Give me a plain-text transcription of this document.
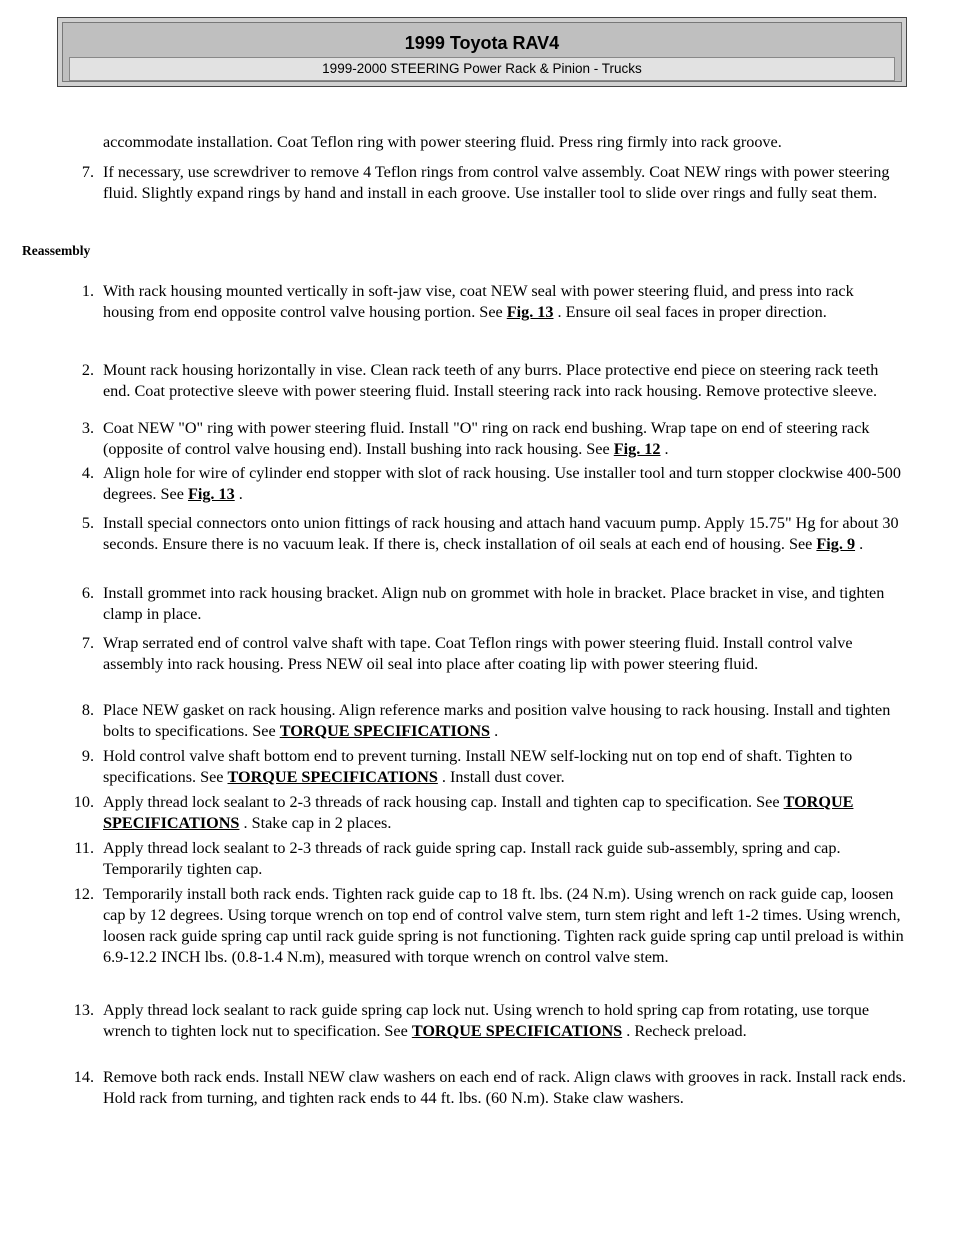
1999 Toyota RAV4
1999-2000 STEERING Power Rack & Pinion - Trucks
accommodate installation. Coat Teflon ring with power steering fluid. Press ring firmly into rack groove.
7. If necessary, use screwdriver to remove 4 Teflon rings from control valve assembly. Coat NEW rings with power steering fluid. Slightly expand rings by hand and install in each groove. Use installer tool to slide over rings and fully seat them.
Reassembly
1. With rack housing mounted vertically in soft-jaw vise, coat NEW seal with power steering fluid, and press into rack housing from end opposite control valve housing portion. See Fig. 13 . Ensure oil seal faces in proper direction.
2. Mount rack housing horizontally in vise. Clean rack teeth of any burrs. Place protective end piece on steering rack teeth end. Coat protective sleeve with power steering fluid. Install steering rack into rack housing. Remove protective sleeve.
3. Coat NEW "O" ring with power steering fluid. Install "O" ring on rack end bushing. Wrap tape on end of steering rack (opposite of control valve housing end). Install bushing into rack housing. See Fig. 12 .
4. Align hole for wire of cylinder end stopper with slot of rack housing. Use installer tool and turn stopper clockwise 400-500 degrees. See Fig. 13 .
5. Install special connectors onto union fittings of rack housing and attach hand vacuum pump. Apply 15.75" Hg for about 30 seconds. Ensure there is no vacuum leak. If there is, check installation of oil seals at each end of housing. See Fig. 9 .
6. Install grommet into rack housing bracket. Align nub on grommet with hole in bracket. Place bracket in vise, and tighten clamp in place.
7. Wrap serrated end of control valve shaft with tape. Coat Teflon rings with power steering fluid. Install control valve assembly into rack housing. Press NEW oil seal into place after coating lip with power steering fluid.
8. Place NEW gasket on rack housing. Align reference marks and position valve housing to rack housing. Install and tighten bolts to specifications. See TORQUE SPECIFICATIONS .
9. Hold control valve shaft bottom end to prevent turning. Install NEW self-locking nut on top end of shaft. Tighten to specifications. See TORQUE SPECIFICATIONS . Install dust cover.
10. Apply thread lock sealant to 2-3 threads of rack housing cap. Install and tighten cap to specification. See TORQUE SPECIFICATIONS . Stake cap in 2 places.
11. Apply thread lock sealant to 2-3 threads of rack guide spring cap. Install rack guide sub-assembly, spring and cap. Temporarily tighten cap.
12. Temporarily install both rack ends. Tighten rack guide cap to 18 ft. lbs. (24 N.m). Using wrench on rack guide cap, loosen cap by 12 degrees. Using torque wrench on top end of control valve stem, turn stem right and left 1-2 times. Using wrench, loosen rack guide spring cap until rack guide spring is not functioning. Tighten rack guide spring cap until preload is within 6.9-12.2 INCH lbs. (0.8-1.4 N.m), measured with torque wrench on control valve stem.
13. Apply thread lock sealant to rack guide spring cap lock nut. Using wrench to hold spring cap from rotating, use torque wrench to tighten lock nut to specification. See TORQUE SPECIFICATIONS . Recheck preload.
14. Remove both rack ends. Install NEW claw washers on each end of rack. Align claws with grooves in rack. Install rack ends. Hold rack from turning, and tighten rack ends to 44 ft. lbs. (60 N.m). Stake claw washers.
